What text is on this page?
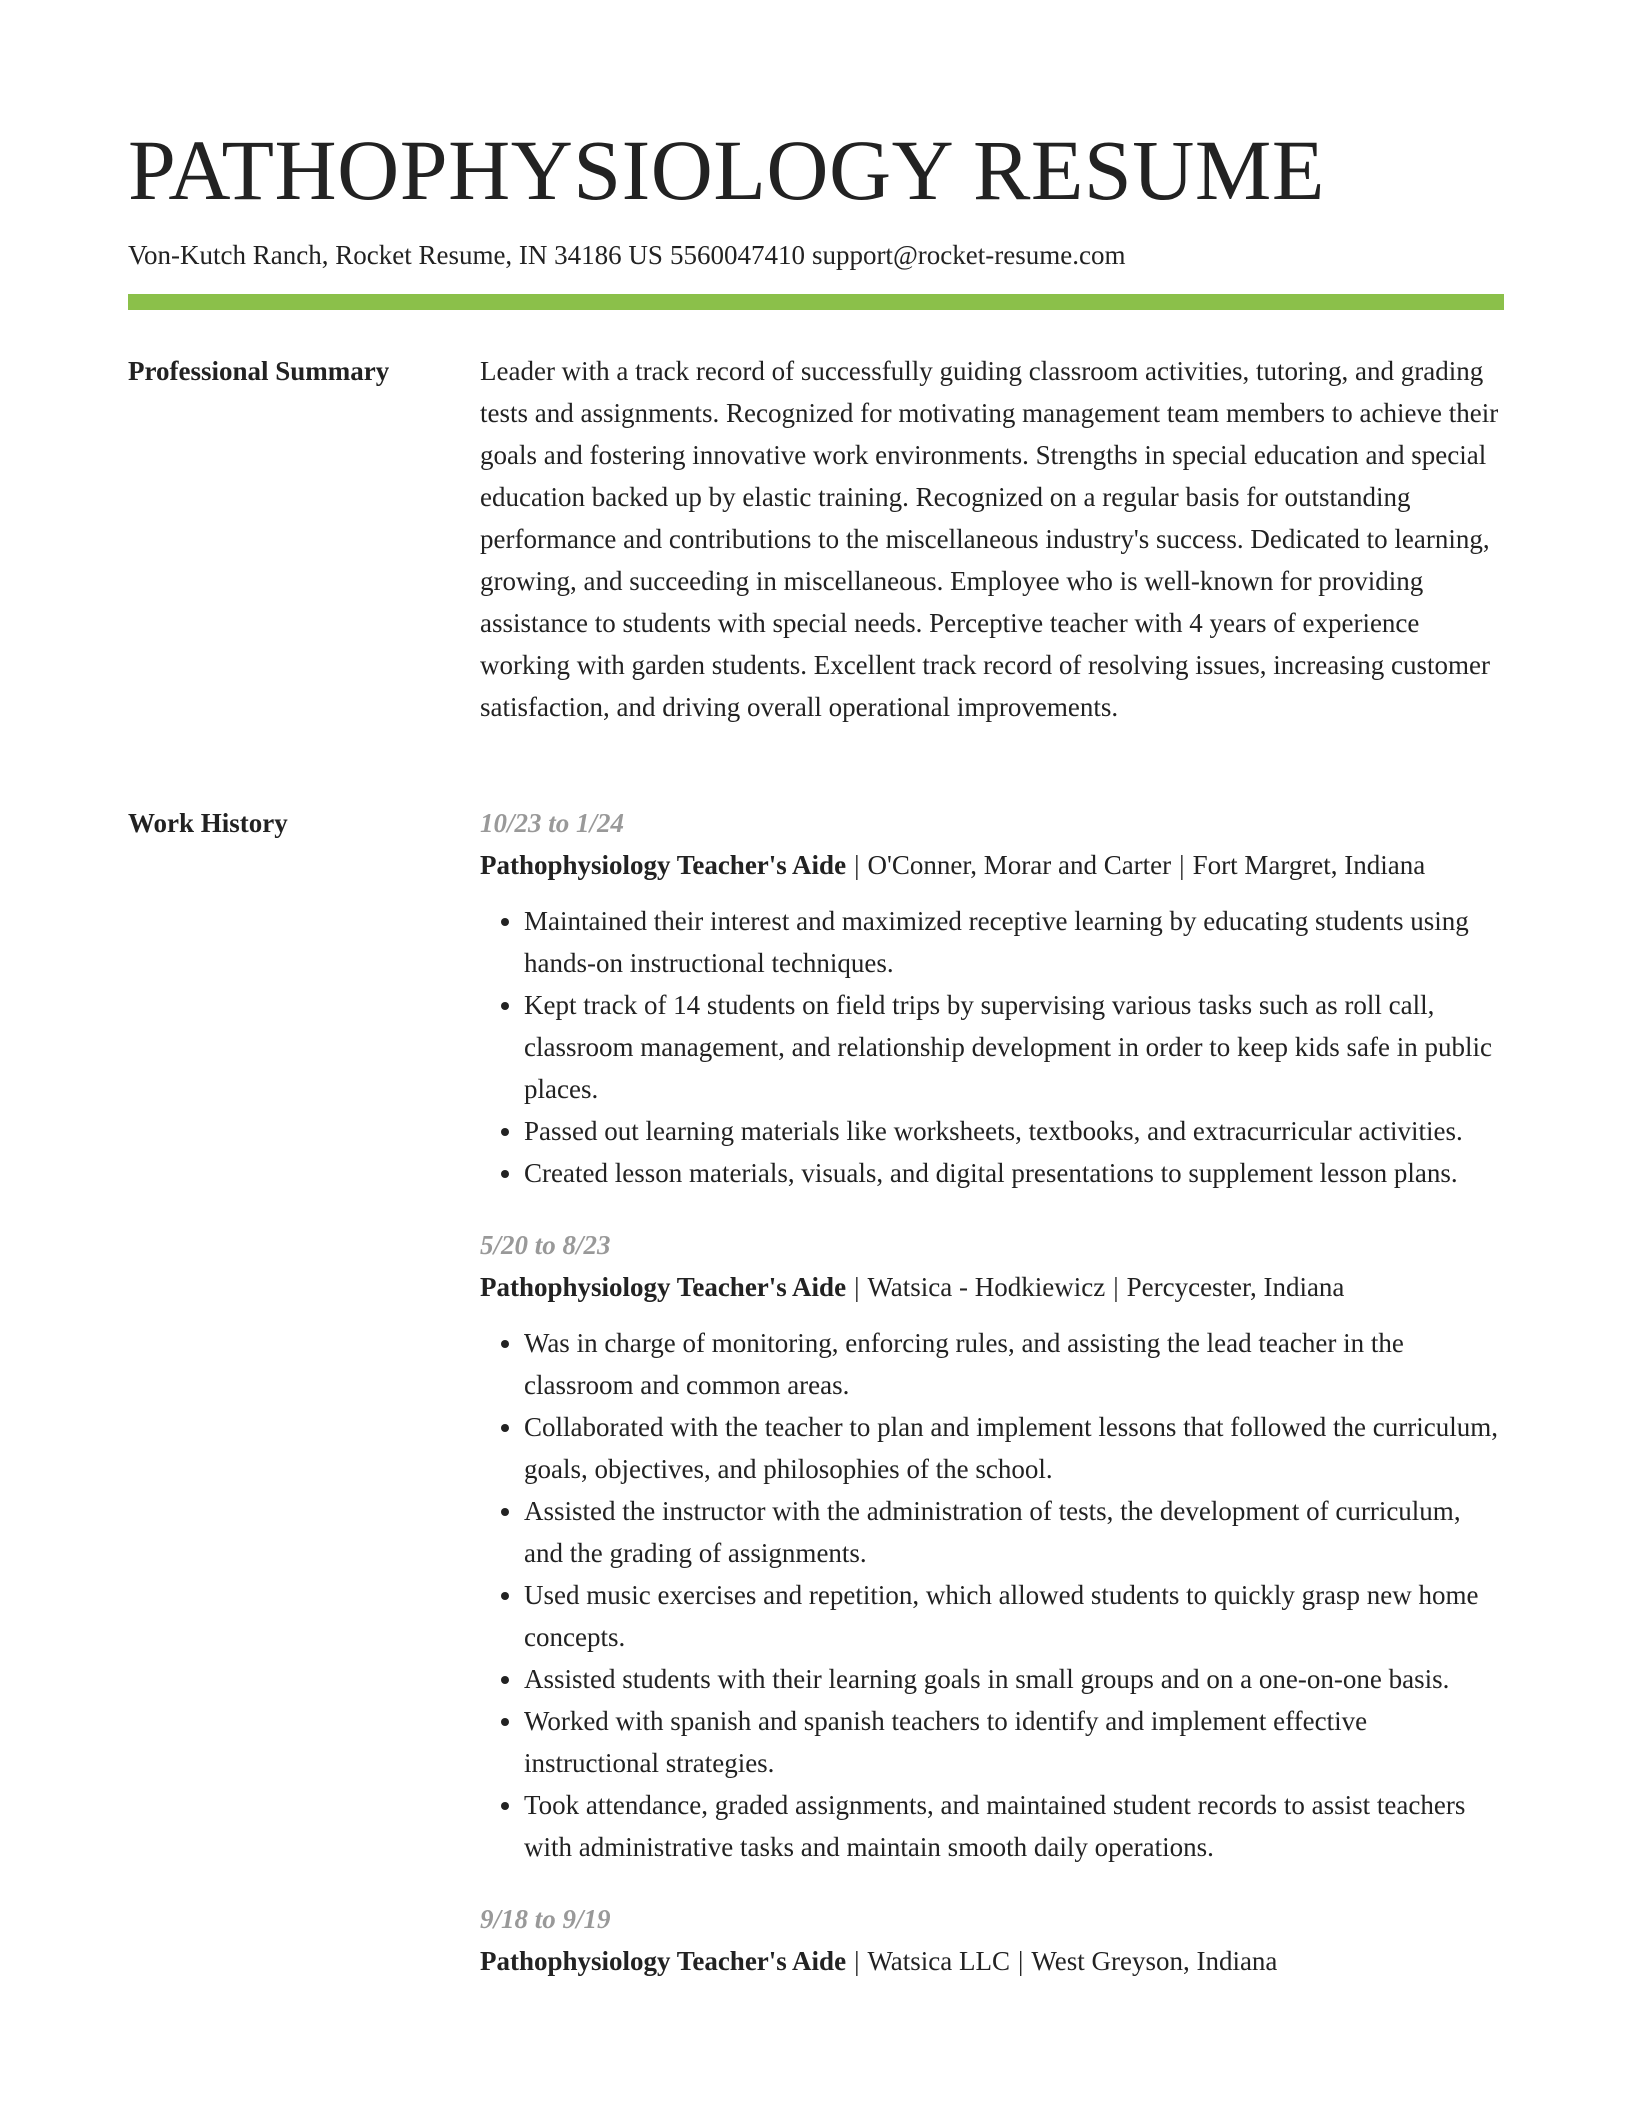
PATHOPHYSIOLOGY RESUME
Von-Kutch Ranch, Rocket Resume, IN 34186 US 5560047410 support@rocket-resume.com
Professional Summary	Leader with a track record of successfully guiding classroom activities, tutoring, and grading tests and assignments. Recognized for motivating management team members to achieve their goals and fostering innovative work environments. Strengths in special education and special education backed up by elastic training. Recognized on a regular basis for outstanding performance and contributions to the miscellaneous industry's success. Dedicated to learning, growing, and succeeding in miscellaneous. Employee who is well-known for providing assistance to students with special needs. Perceptive teacher with 4 years of experience working with garden students. Excellent track record of resolving issues, increasing customer satisfaction, and driving overall operational improvements.

Work History	10/23 to 1/24
Pathophysiology Teacher's Aide | O'Conner, Morar and Carter | Fort Margret, Indiana
• Maintained their interest and maximized receptive learning by educating students using hands-on instructional techniques.
• Kept track of 14 students on field trips by supervising various tasks such as roll call, classroom management, and relationship development in order to keep kids safe in public places.
• Passed out learning materials like worksheets, textbooks, and extracurricular activities.
• Created lesson materials, visuals, and digital presentations to supplement lesson plans.
5/20 to 8/23
Pathophysiology Teacher's Aide | Watsica - Hodkiewicz | Percycester, Indiana
• Was in charge of monitoring, enforcing rules, and assisting the lead teacher in the classroom and common areas.
• Collaborated with the teacher to plan and implement lessons that followed the curriculum, goals, objectives, and philosophies of the school.
• Assisted the instructor with the administration of tests, the development of curriculum, and the grading of assignments.
• Used music exercises and repetition, which allowed students to quickly grasp new home concepts.
• Assisted students with their learning goals in small groups and on a one-on-one basis.
• Worked with spanish and spanish teachers to identify and implement effective instructional strategies.
• Took attendance, graded assignments, and maintained student records to assist teachers with administrative tasks and maintain smooth daily operations.
9/18 to 9/19
Pathophysiology Teacher's Aide | Watsica LLC | West Greyson, Indiana
